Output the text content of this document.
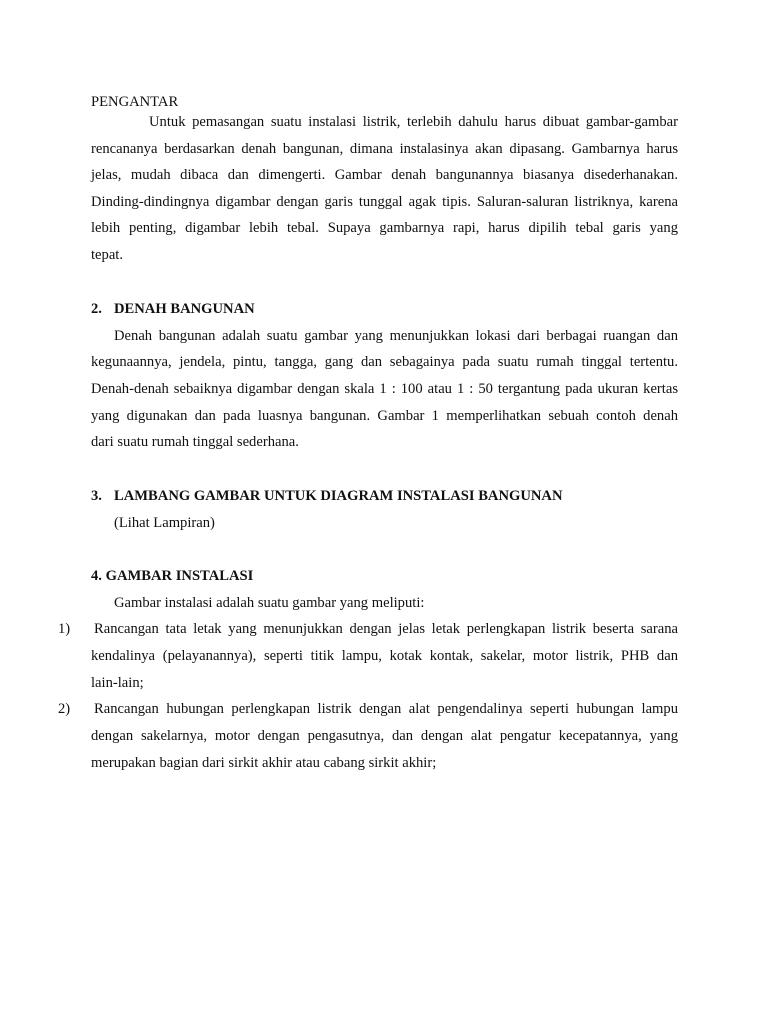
PENGANTAR
Untuk pemasangan suatu instalasi listrik, terlebih dahulu harus dibuat gambar-gambar
rencananya berdasarkan denah bangunan, dimana instalasinya akan dipasang. Gambarnya harus
jelas, mudah dibaca dan dimengerti. Gambar denah bangunannya biasanya disederhanakan.
Dinding-dindingnya digambar dengan garis tunggal agak tipis. Saluran-saluran listriknya, karena
lebih penting, digambar lebih tebal. Supaya gambarnya rapi, harus dipilih tebal garis yang
tepat.
2. DENAH BANGUNAN
Denah bangunan adalah suatu gambar yang menunjukkan lokasi dari berbagai ruangan dan
kegunaannya, jendela, pintu, tangga, gang dan sebagainya pada suatu rumah tinggal tertentu.
Denah-denah sebaiknya digambar dengan skala 1 : 100 atau 1 : 50 tergantung pada ukuran kertas
yang digunakan dan pada luasnya bangunan. Gambar 1 memperlihatkan sebuah contoh denah
dari suatu rumah tinggal sederhana.
3. LAMBANG GAMBAR UNTUK DIAGRAM INSTALASI BANGUNAN
(Lihat Lampiran)
4. GAMBAR INSTALASI
Gambar instalasi adalah suatu gambar yang meliputi:
1) Rancangan tata letak yang menunjukkan dengan jelas letak perlengkapan listrik beserta sarana
kendalinya (pelayanannya), seperti titik lampu, kotak kontak, sakelar, motor listrik, PHB dan
lain-lain;
2) Rancangan hubungan perlengkapan listrik dengan alat pengendalinya seperti hubungan lampu
dengan sakelarnya, motor dengan pengasutnya, dan dengan alat pengatur kecepatannya, yang
merupakan bagian dari sirkit akhir atau cabang sirkit akhir;
